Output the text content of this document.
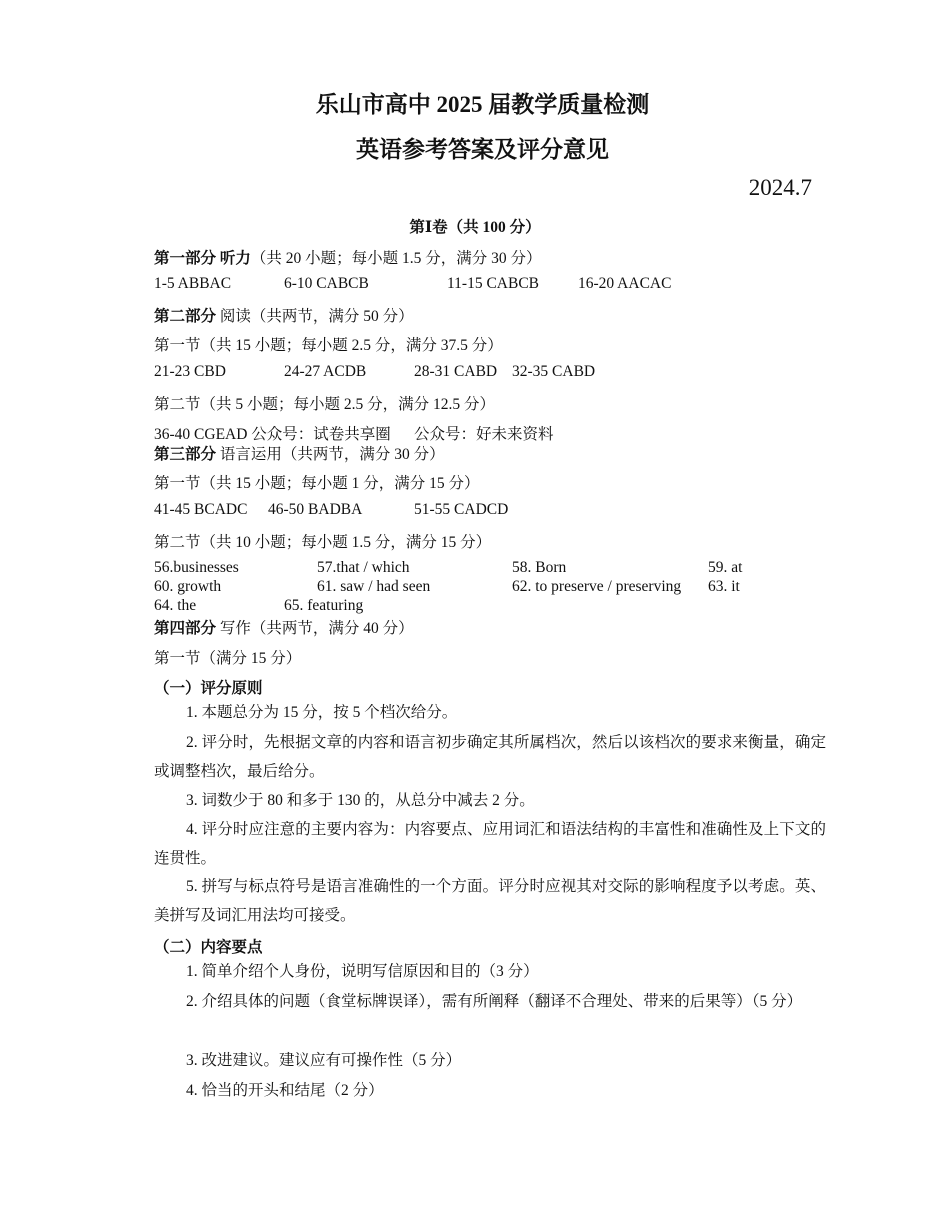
乐山市高中 2025 届教学质量检测
英语参考答案及评分意见
2024.7
第Ⅰ卷（共 100 分）
第一部分 听力（共 20 小题；每小题 1.5 分，满分 30 分）
1-5 ABBAC	6-10 CABCB	11-15 CABCB	16-20 AACAC
第二部分 阅读（共两节，满分 50 分）
第一节（共 15 小题；每小题 2.5 分，满分 37.5 分）
21-23 CBD	24-27 ACDB	28-31 CABD 32-35 CABD
第二节（共 5 小题；每小题 2.5 分，满分 12.5 分）
36-40 CGEAD 公众号：试卷共享圈      公众号：好未来资料
第三部分 语言运用（共两节，满分 30 分）
第一节（共 15 小题；每小题 1 分，满分 15 分）
41-45 BCADC 46-50 BADBA	51-55 CADCD
第二节（共 10 小题；每小题 1.5 分，满分 15 分）
56.businesses	57.that / which	58. Born	59. at
60. growth	61. saw / had seen	62. to preserve / preserving 63. it
64. the	65. featuring
第四部分 写作（共两节，满分 40 分）
第一节（满分 15 分）
（一）评分原则
1. 本题总分为 15 分，按 5 个档次给分。
2. 评分时，先根据文章的内容和语言初步确定其所属档次，然后以该档次的要求来衡量，确定或调整档次，最后给分。
3. 词数少于 80 和多于 130 的，从总分中减去 2 分。
4. 评分时应注意的主要内容为：内容要点、应用词汇和语法结构的丰富性和准确性及上下文的连贯性。
5. 拼写与标点符号是语言准确性的一个方面。评分时应视其对交际的影响程度予以考虑。英、美拼写及词汇用法均可接受。
（二）内容要点
1. 简单介绍个人身份，说明写信原因和目的（3 分）
2. 介绍具体的问题（食堂标牌误译），需有所阐释（翻译不合理处、带来的后果等）（5 分）
3. 改进建议。建议应有可操作性（5 分）
4. 恰当的开头和结尾（2 分）
